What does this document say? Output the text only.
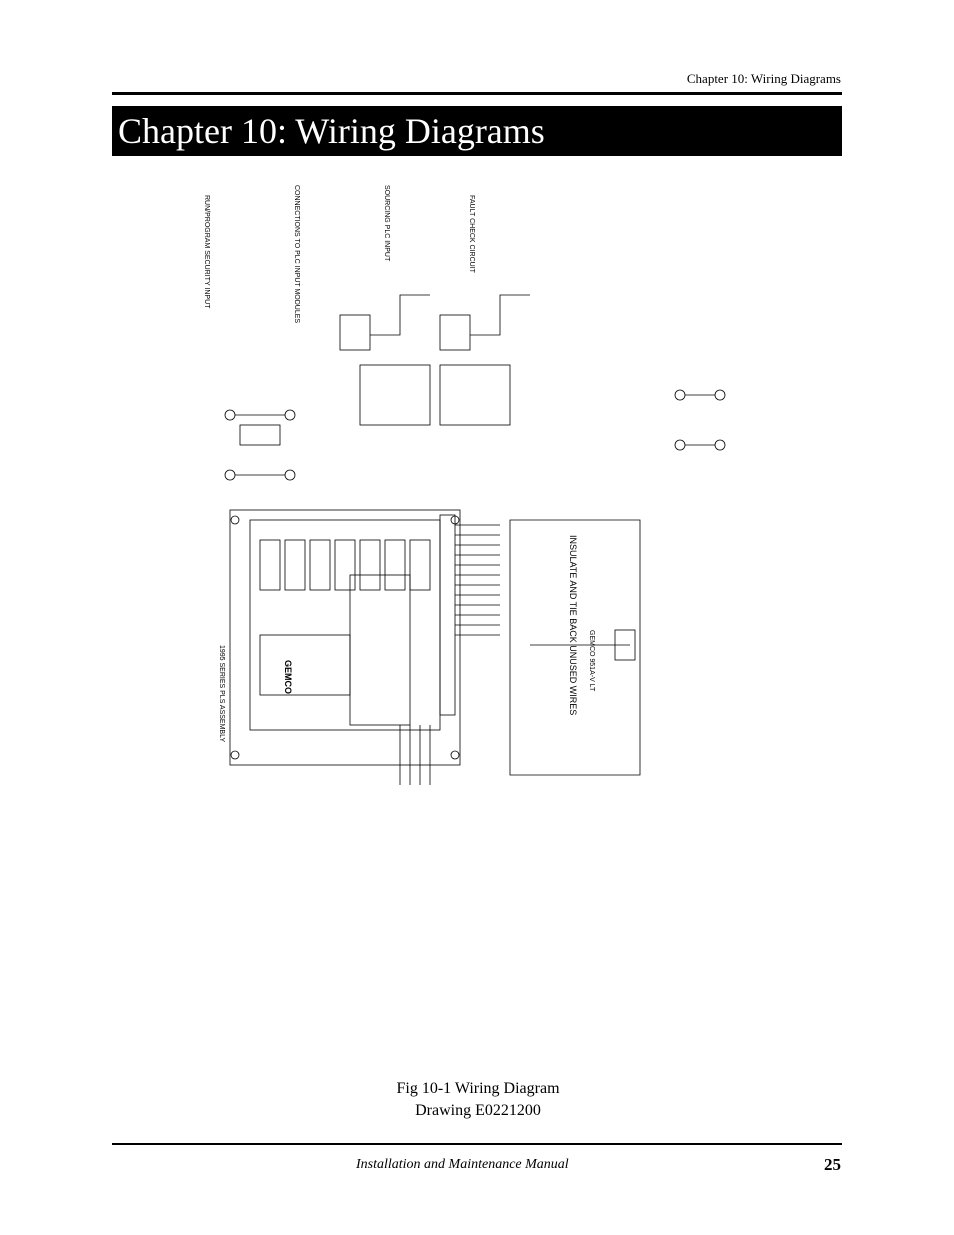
Chapter 10: Wiring Diagrams
Chapter 10: Wiring Diagrams
1995 SERIES PLS ASSEMBLY	GEMCO
CONNECTIONS TO PLC INPUT MODULES	SOURCING PLC INPUT
INSULATE AND TIE BACK UNUSED WIRES GEMCO 951A-V LT
RUN/PROGRAM SECURITY INPUT	FAULT CHECK CIRCUIT
Fig 10-1 Wiring Diagram
Drawing E0221200
Installation and Maintenance Manual	25
